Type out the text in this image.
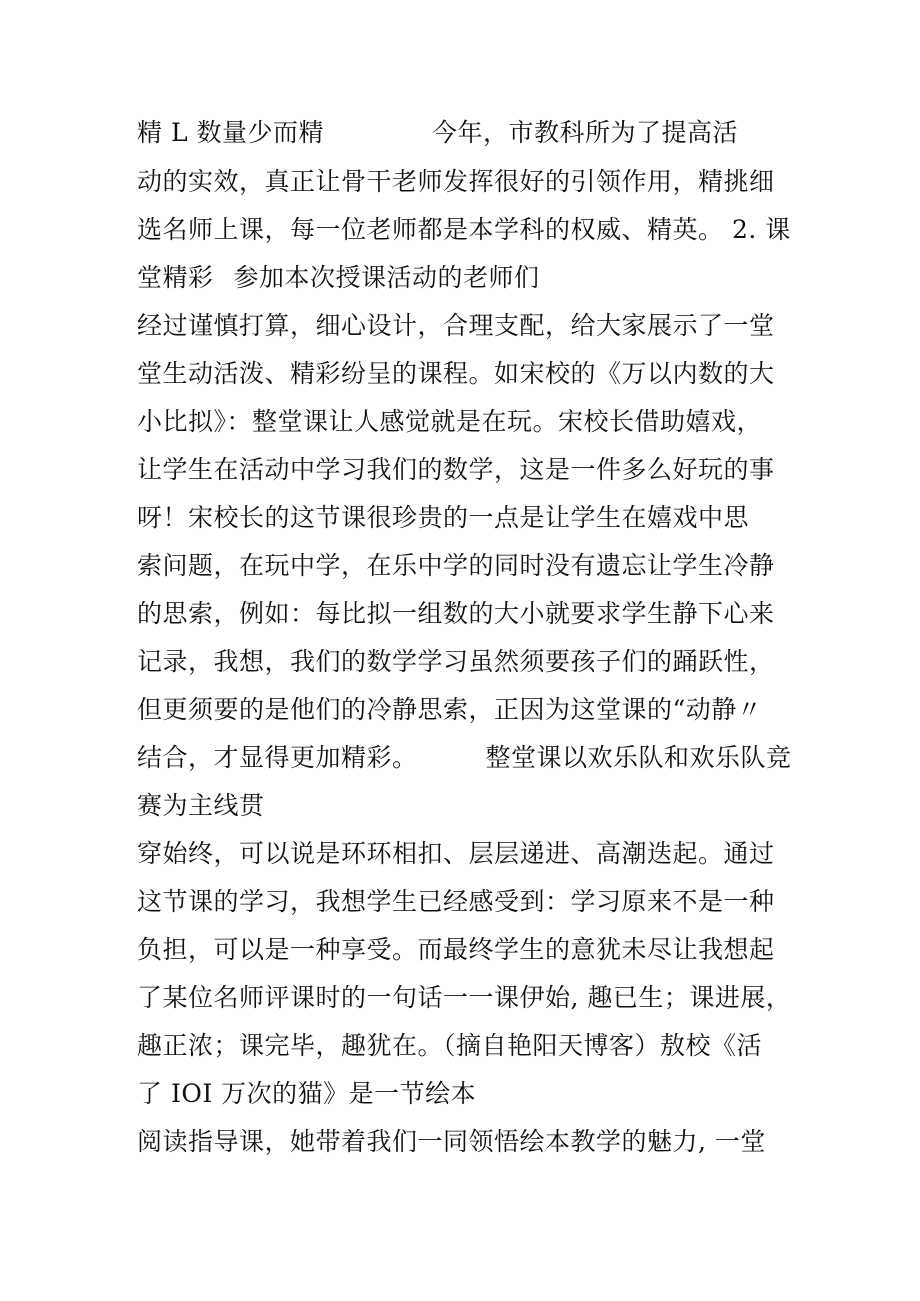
精 L 数量少而精	今年，市教科所为了提高活
动的实效，真正让骨干老师发挥很好的引领作用，精挑细
选名师上课，每一位老师都是本学科的权威、精英。 2. 课
堂精彩 参加本次授课活动的老师们
经过谨慎打算，细心设计，合理支配，给大家展示了一堂
堂生动活泼、精彩纷呈的课程。如宋校的《万以内数的大
小比拟》：整堂课让人感觉就是在玩。宋校长借助嬉戏，
让学生在活动中学习我们的数学，这是一件多么好玩的事
呀！宋校长的这节课很珍贵的一点是让学生在嬉戏中思
索问题，在玩中学，在乐中学的同时没有遗忘让学生冷静
的思索，例如：每比拟一组数的大小就要求学生静下心来
记录，我想，我们的数学学习虽然须要孩子们的踊跃性，
但更须要的是他们的冷静思索，正因为这堂课的“动静〃
结合，才显得更加精彩。	整堂课以欢乐队和欢乐队竞
赛为主线贯
穿始终，可以说是环环相扣、层层递进、高潮迭起。通过
这节课的学习，我想学生已经感受到：学习原来不是一种
负担，可以是一种享受。而最终学生的意犹未尽让我想起
了某位名师评课时的一句话一一课伊始, 趣已生；课进展，
趣正浓；课完毕，趣犹在。（摘自艳阳天博客）敖校《活
了 IOI 万次的猫》是一节绘本
阅读指导课，她带着我们一同领悟绘本教学的魅力, 一堂
